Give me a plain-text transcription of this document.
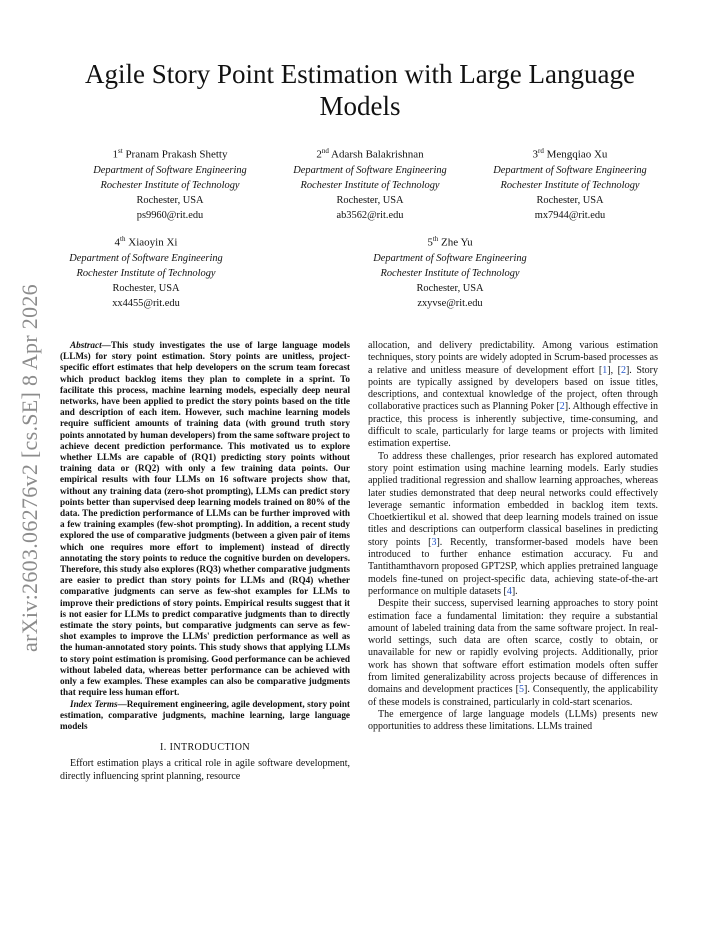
arXiv:2603.06276v2 [cs.SE] 8 Apr 2026
Agile Story Point Estimation with Large Language Models
1st Pranam Prakash Shetty
Department of Software Engineering
Rochester Institute of Technology
Rochester, USA
ps9960@rit.edu
2nd Adarsh Balakrishnan
Department of Software Engineering
Rochester Institute of Technology
Rochester, USA
ab3562@rit.edu
3rd Mengqiao Xu
Department of Software Engineering
Rochester Institute of Technology
Rochester, USA
mx7944@rit.edu
4th Xiaoyin Xi
Department of Software Engineering
Rochester Institute of Technology
Rochester, USA
xx4455@rit.edu
5th Zhe Yu
Department of Software Engineering
Rochester Institute of Technology
Rochester, USA
zxyvse@rit.edu

Abstract—This study investigates the use of large language models (LLMs) for story point estimation. Story points are unitless, project-specific effort estimates that help developers on the scrum team forecast which product backlog items they plan to complete in a sprint. To facilitate this process, machine learning models, especially deep neural networks, have been applied to predict the story points based on the title and description of each item. However, such machine learning models require sufficient amounts of training data (with ground truth story points annotated by human developers) from the same software project to achieve decent prediction performance. This motivated us to explore whether LLMs are capable of (RQ1) predicting story points without training data or (RQ2) with only a few training data points. Our empirical results with four LLMs on 16 software projects show that, without any training data (zero-shot prompting), LLMs can predict story points better than supervised deep learning models trained on 80% of the data. The prediction performance of LLMs can be further improved with a few training examples (few-shot prompting). In addition, a recent study explored the use of comparative judgments (between a given pair of items which one requires more effort to implement) instead of directly annotating the story points to reduce the cognitive burden on developers. Therefore, this study also explores (RQ3) whether comparative judgments are easier to predict than story points for LLMs and (RQ4) whether comparative judgments can serve as few-shot examples for LLMs to improve their predictions of story points. Empirical results suggest that it is not easier for LLMs to predict comparative judgments than to directly estimate the story points, but comparative judgments can serve as few-shot examples to improve the LLMs' prediction performance as well as the human-annotated story points. This study shows that applying LLMs to story point estimation is promising. Good performance can be achieved without labeled data, whereas better performance can be achieved with only a few examples. These examples can also be comparative judgments that require less human effort.

Index Terms—Requirement engineering, agile development, story point estimation, comparative judgments, machine learning, large language models

I. INTRODUCTION

Effort estimation plays a critical role in agile software development, directly influencing sprint planning, resource

allocation, and delivery predictability. Among various estimation techniques, story points are widely adopted in Scrum-based processes as a relative and unitless measure of development effort [1], [2]. Story points are typically assigned by developers based on issue titles, descriptions, and contextual knowledge of the project, often through collaborative practices such as Planning Poker [2]. Although effective in practice, this process is inherently subjective, time-consuming, and difficult to scale, particularly for large teams or projects with limited estimation expertise.

To address these challenges, prior research has explored automated story point estimation using machine learning models. Early studies applied traditional regression and shallow learning approaches, whereas later studies demonstrated that deep neural networks could effectively leverage semantic information embedded in backlog item texts. Choetkiertikul et al. showed that deep learning models trained on issue titles and descriptions can outperform classical baselines in predicting story points [3]. Recently, transformer-based models have been introduced to further enhance estimation accuracy. Fu and Tantithamthavorn proposed GPT2SP, which applies pretrained language models fine-tuned on project-specific data, achieving state-of-the-art performance on multiple datasets [4].

Despite their success, supervised learning approaches to story point estimation face a fundamental limitation: they require a substantial amount of labeled training data from the same software project. In real-world settings, such data are often scarce, costly to obtain, or unavailable for new or rapidly evolving projects. Additionally, prior work has shown that software effort estimation models often suffer from limited generalizability across projects because of differences in domains and development practices [5]. Consequently, the applicability of these models is constrained, particularly in cold-start scenarios.

The emergence of large language models (LLMs) presents new opportunities to address these limitations. LLMs trained
